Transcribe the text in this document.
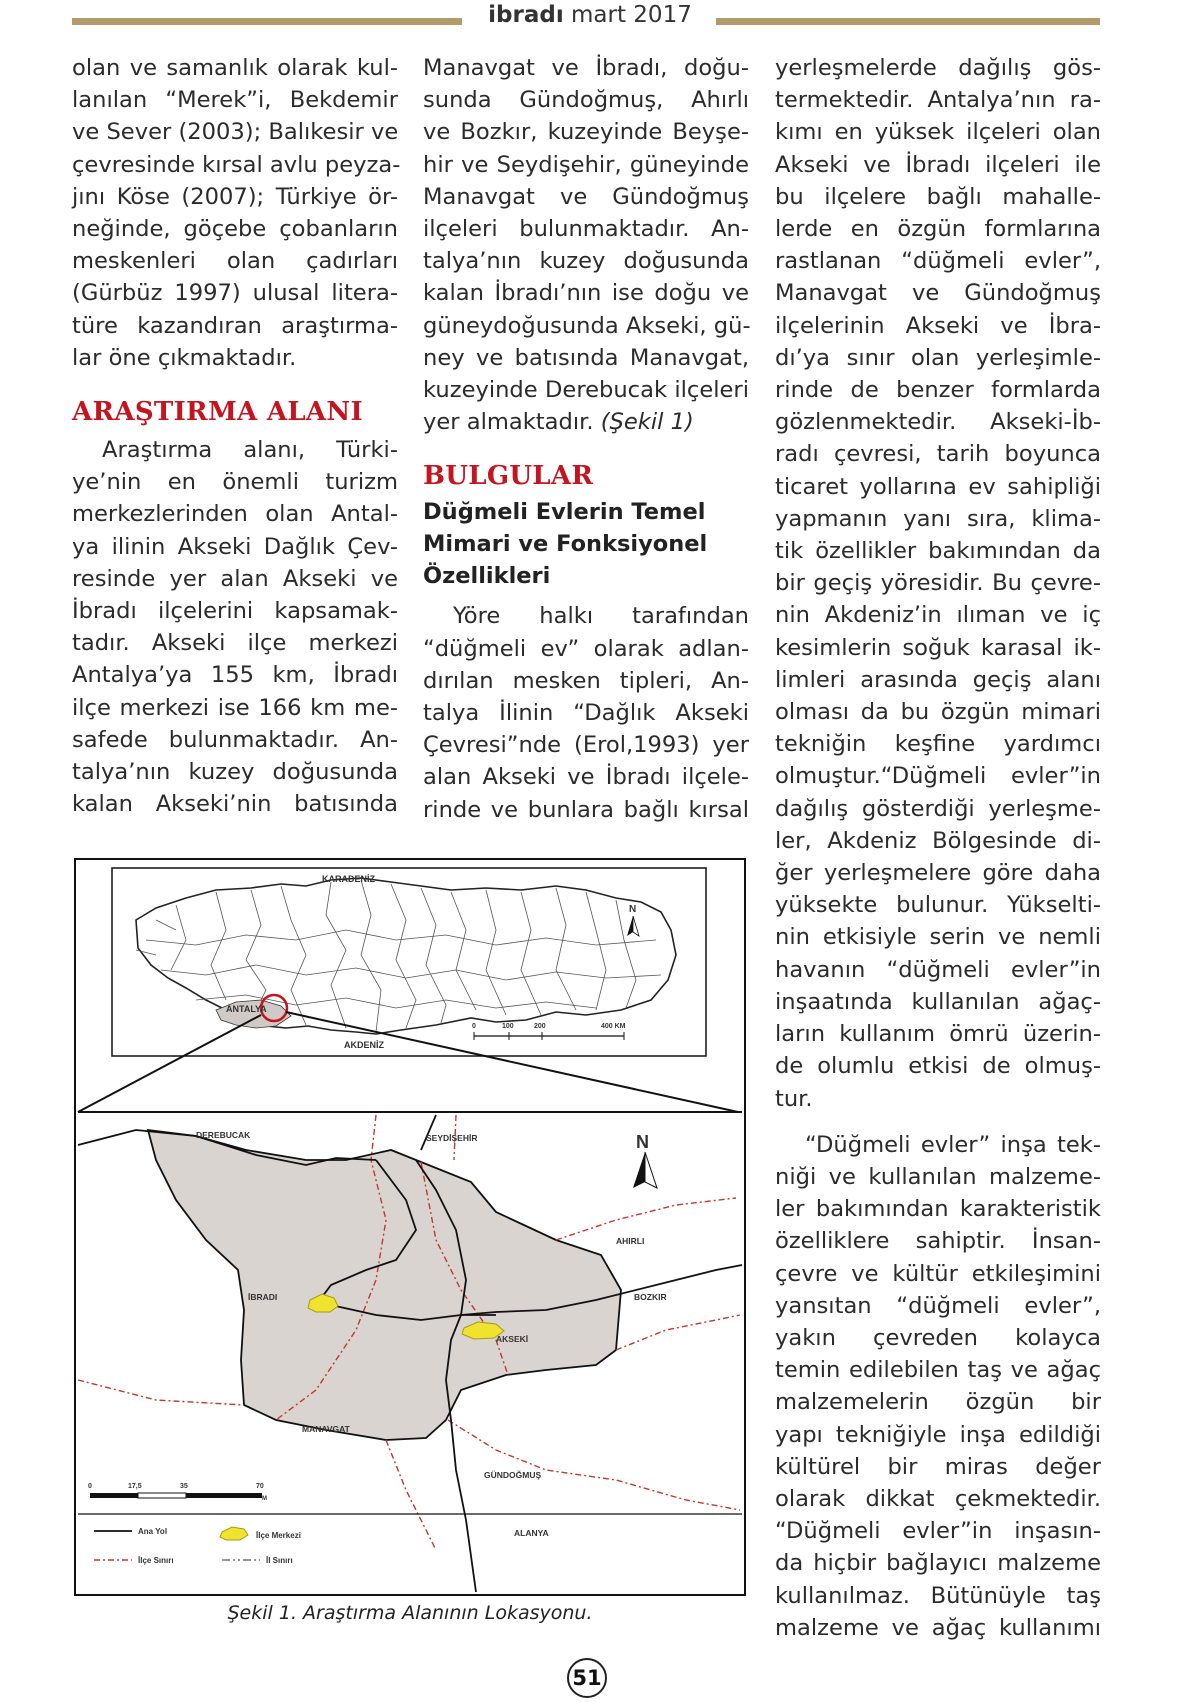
ibradı mart 2017

olan ve samanlık olarak kul-
lanılan “Merek”i, Bekdemir
ve Sever (2003); Balıkesir ve
çevresinde kırsal avlu peyza-
jını Köse (2007); Türkiye ör-
neğinde, göçebe çobanların
meskenleri olan çadırları
(Gürbüz 1997) ulusal litera-
türe kazandıran araştırma-
lar öne çıkmaktadır.

ARAŞTIRMA ALANI

Araştırma alanı, Türki-
ye’nin en önemli turizm
merkezlerinden olan Antal-
ya ilinin Akseki Dağlık Çev-
resinde yer alan Akseki ve
İbradı ilçelerini kapsamak-
tadır. Akseki ilçe merkezi
Antalya’ya 155 km, İbradı
ilçe merkezi ise 166 km me-
safede bulunmaktadır. An-
talya’nın kuzey doğusunda
kalan Akseki’nin batısında

Manavgat ve İbradı, doğu-
sunda Gündoğmuş, Ahırlı
ve Bozkır, kuzeyinde Beyşe-
hir ve Seydişehir, güneyinde
Manavgat ve Gündoğmuş
ilçeleri bulunmaktadır. An-
talya’nın kuzey doğusunda
kalan İbradı’nın ise doğu ve
güneydoğusunda Akseki, gü-
ney ve batısında Manavgat,
kuzeyinde Derebucak ilçeleri
yer almaktadır. (Şekil 1)

BULGULAR
Düğmeli Evlerin Temel
Mimari ve Fonksiyonel
Özellikleri

Yöre halkı tarafından
“düğmeli ev” olarak adlan-
dırılan mesken tipleri, An-
talya İlinin “Dağlık Akseki
Çevresi”nde (Erol,1993) yer
alan Akseki ve İbradı ilçele-
rinde ve bunlara bağlı kırsal

yerleşmelerde dağılış gös-
termektedir. Antalya’nın ra-
kımı en yüksek ilçeleri olan
Akseki ve İbradı ilçeleri ile
bu ilçelere bağlı mahalle-
lerde en özgün formlarına
rastlanan “düğmeli evler”,
Manavgat ve Gündoğmuş
ilçelerinin Akseki ve İbra-
dı’ya sınır olan yerleşimle-
rinde de benzer formlarda
gözlenmektedir. Akseki-İb-
radı çevresi, tarih boyunca
ticaret yollarına ev sahipliği
yapmanın yanı sıra, klima-
tik özellikler bakımından da
bir geçiş yöresidir. Bu çevre-
nin Akdeniz’in ılıman ve iç
kesimlerin soğuk karasal ik-
limleri arasında geçiş alanı
olması da bu özgün mimari
tekniğin keşfine yardımcı
olmuştur.“Düğmeli evler”in
dağılış gösterdiği yerleşme-
ler, Akdeniz Bölgesinde di-
ğer yerleşmelere göre daha
yüksekte bulunur. Yükselti-
nin etkisiyle serin ve nemli
havanın “düğmeli evler”in
inşaatında kullanılan ağaç-
ların kullanım ömrü üzerin-
de olumlu etkisi de olmuş-
tur.

“Düğmeli evler” inşa tek-
niği ve kullanılan malzeme-
ler bakımından karakteristik
özelliklere sahiptir. İnsan-
çevre ve kültür etkileşimini
yansıtan “düğmeli evler”,
yakın çevreden kolayca
temin edilebilen taş ve ağaç
malzemelerin özgün bir
yapı tekniğiyle inşa edildiği
kültürel bir miras değer
olarak dikkat çekmektedir.
“Düğmeli evler”in inşasın-
da hiçbir bağlayıcı malzeme
kullanılmaz. Bütünüyle taş
malzeme ve ağaç kullanımı

KARADENİZ
AKDENİZ
ANTALYA
N
0	100	200	400 KM
DEREBUCAK	SEYDİŞEHİR
AHIRLI
BOZKIR
İBRADI
AKSEKİ
MANAVGAT
GÜNDOĞMUŞ
ALANYA
N
0	17,5	35	70
M
Ana Yol
İlçe Sınırı
İlçe Merkezi
İl Sınırı
Şekil 1. Araştırma Alanının Lokasyonu.
51
